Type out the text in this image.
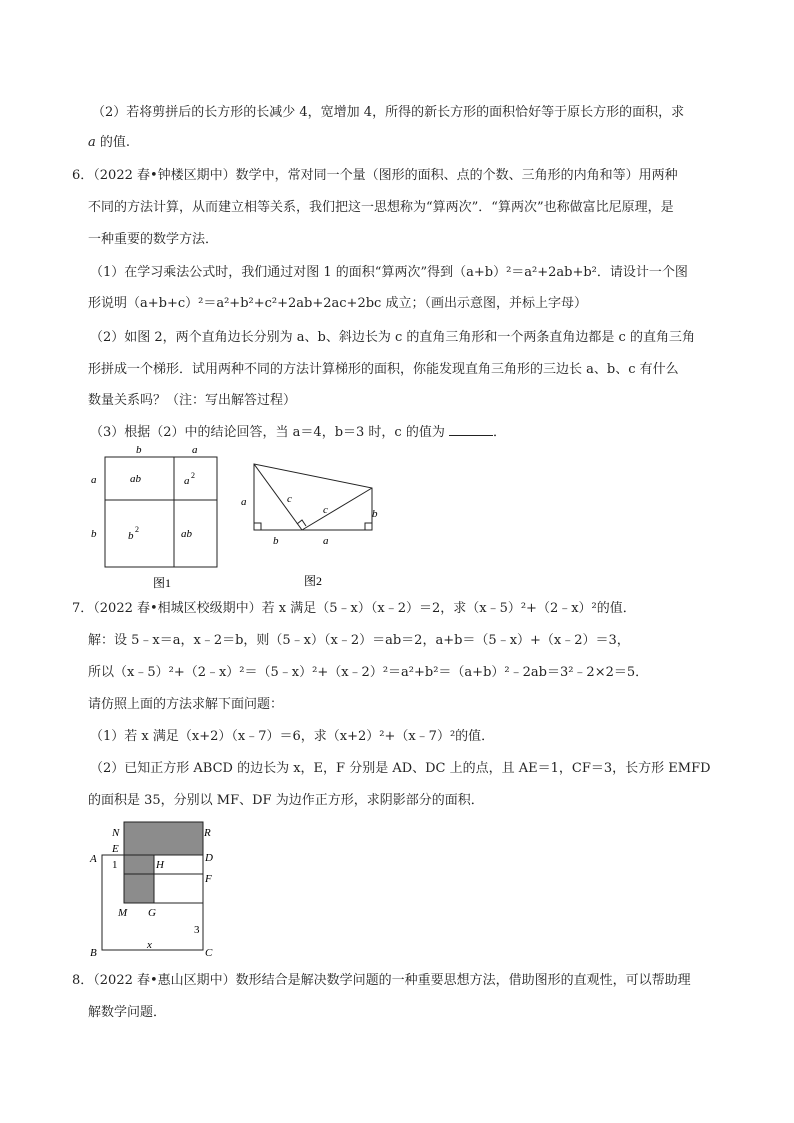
（2）若将剪拼后的长方形的长减少 4，宽增加 4，所得的新长方形的面积恰好等于原长方形的面积，求
a 的值.
6．（2022 春•钟楼区期中）数学中，常对同一个量（图形的面积、点的个数、三角形的内角和等）用两种
不同的方法计算，从而建立相等关系，我们把这一思想称为“算两次”．“算两次”也称做富比尼原理，是
一种重要的数学方法．
（1）在学习乘法公式时，我们通过对图 1 的面积“算两次”得到（a+b）²＝a²+2ab+b²．请设计一个图
形说明（a+b+c）²＝a²+b²+c²+2ab+2ac+2bc 成立；（画出示意图，并标上字母）
（2）如图 2，两个直角边长分别为 a、b、斜边长为 c 的直角三角形和一个两条直角边都是 c 的直角三角
形拼成一个梯形．试用两种不同的方法计算梯形的面积，你能发现直角三角形的三边长 a、b、c 有什么
数量关系吗？（注：写出解答过程）
（3）根据（2）中的结论回答，当 a＝4，b＝3 时，c 的值为	．
b	a
a
b
ab	a 2
b
2	ab
图1
a
b
c
c	b
a
图2
7．（2022 春•相城区校级期中）若 x 满足（5﹣x）（x﹣2）＝2，求（x﹣5）²+（2﹣x）²的值．
解：设 5﹣x＝a，x﹣2＝b，则（5﹣x）（x﹣2）＝ab＝2，a+b＝（5﹣x）+（x﹣2）＝3，
所以（x﹣5）²+（2﹣x）²＝（5﹣x）²+（x﹣2）²＝a²+b²＝（a+b）²﹣2ab＝3²﹣2×2＝5．
请仿照上面的方法求解下面问题：
（1）若 x 满足（x+2）（x﹣7）＝6，求（x+2）²+（x﹣7）²的值．
（2）已知正方形 ABCD 的边长为 x，E，F 分别是 AD、DC 上的点，且 AE＝1，CF＝3，长方形 EMFD
的面积是 35，分别以 MF、DF 为边作正方形，求阴影部分的面积．
N	R
A
E
D
1	H
M G
F
3
B
x
C
8．（2022 春•惠山区期中）数形结合是解决数学问题的一种重要思想方法，借助图形的直观性，可以帮助理
解数学问题．
